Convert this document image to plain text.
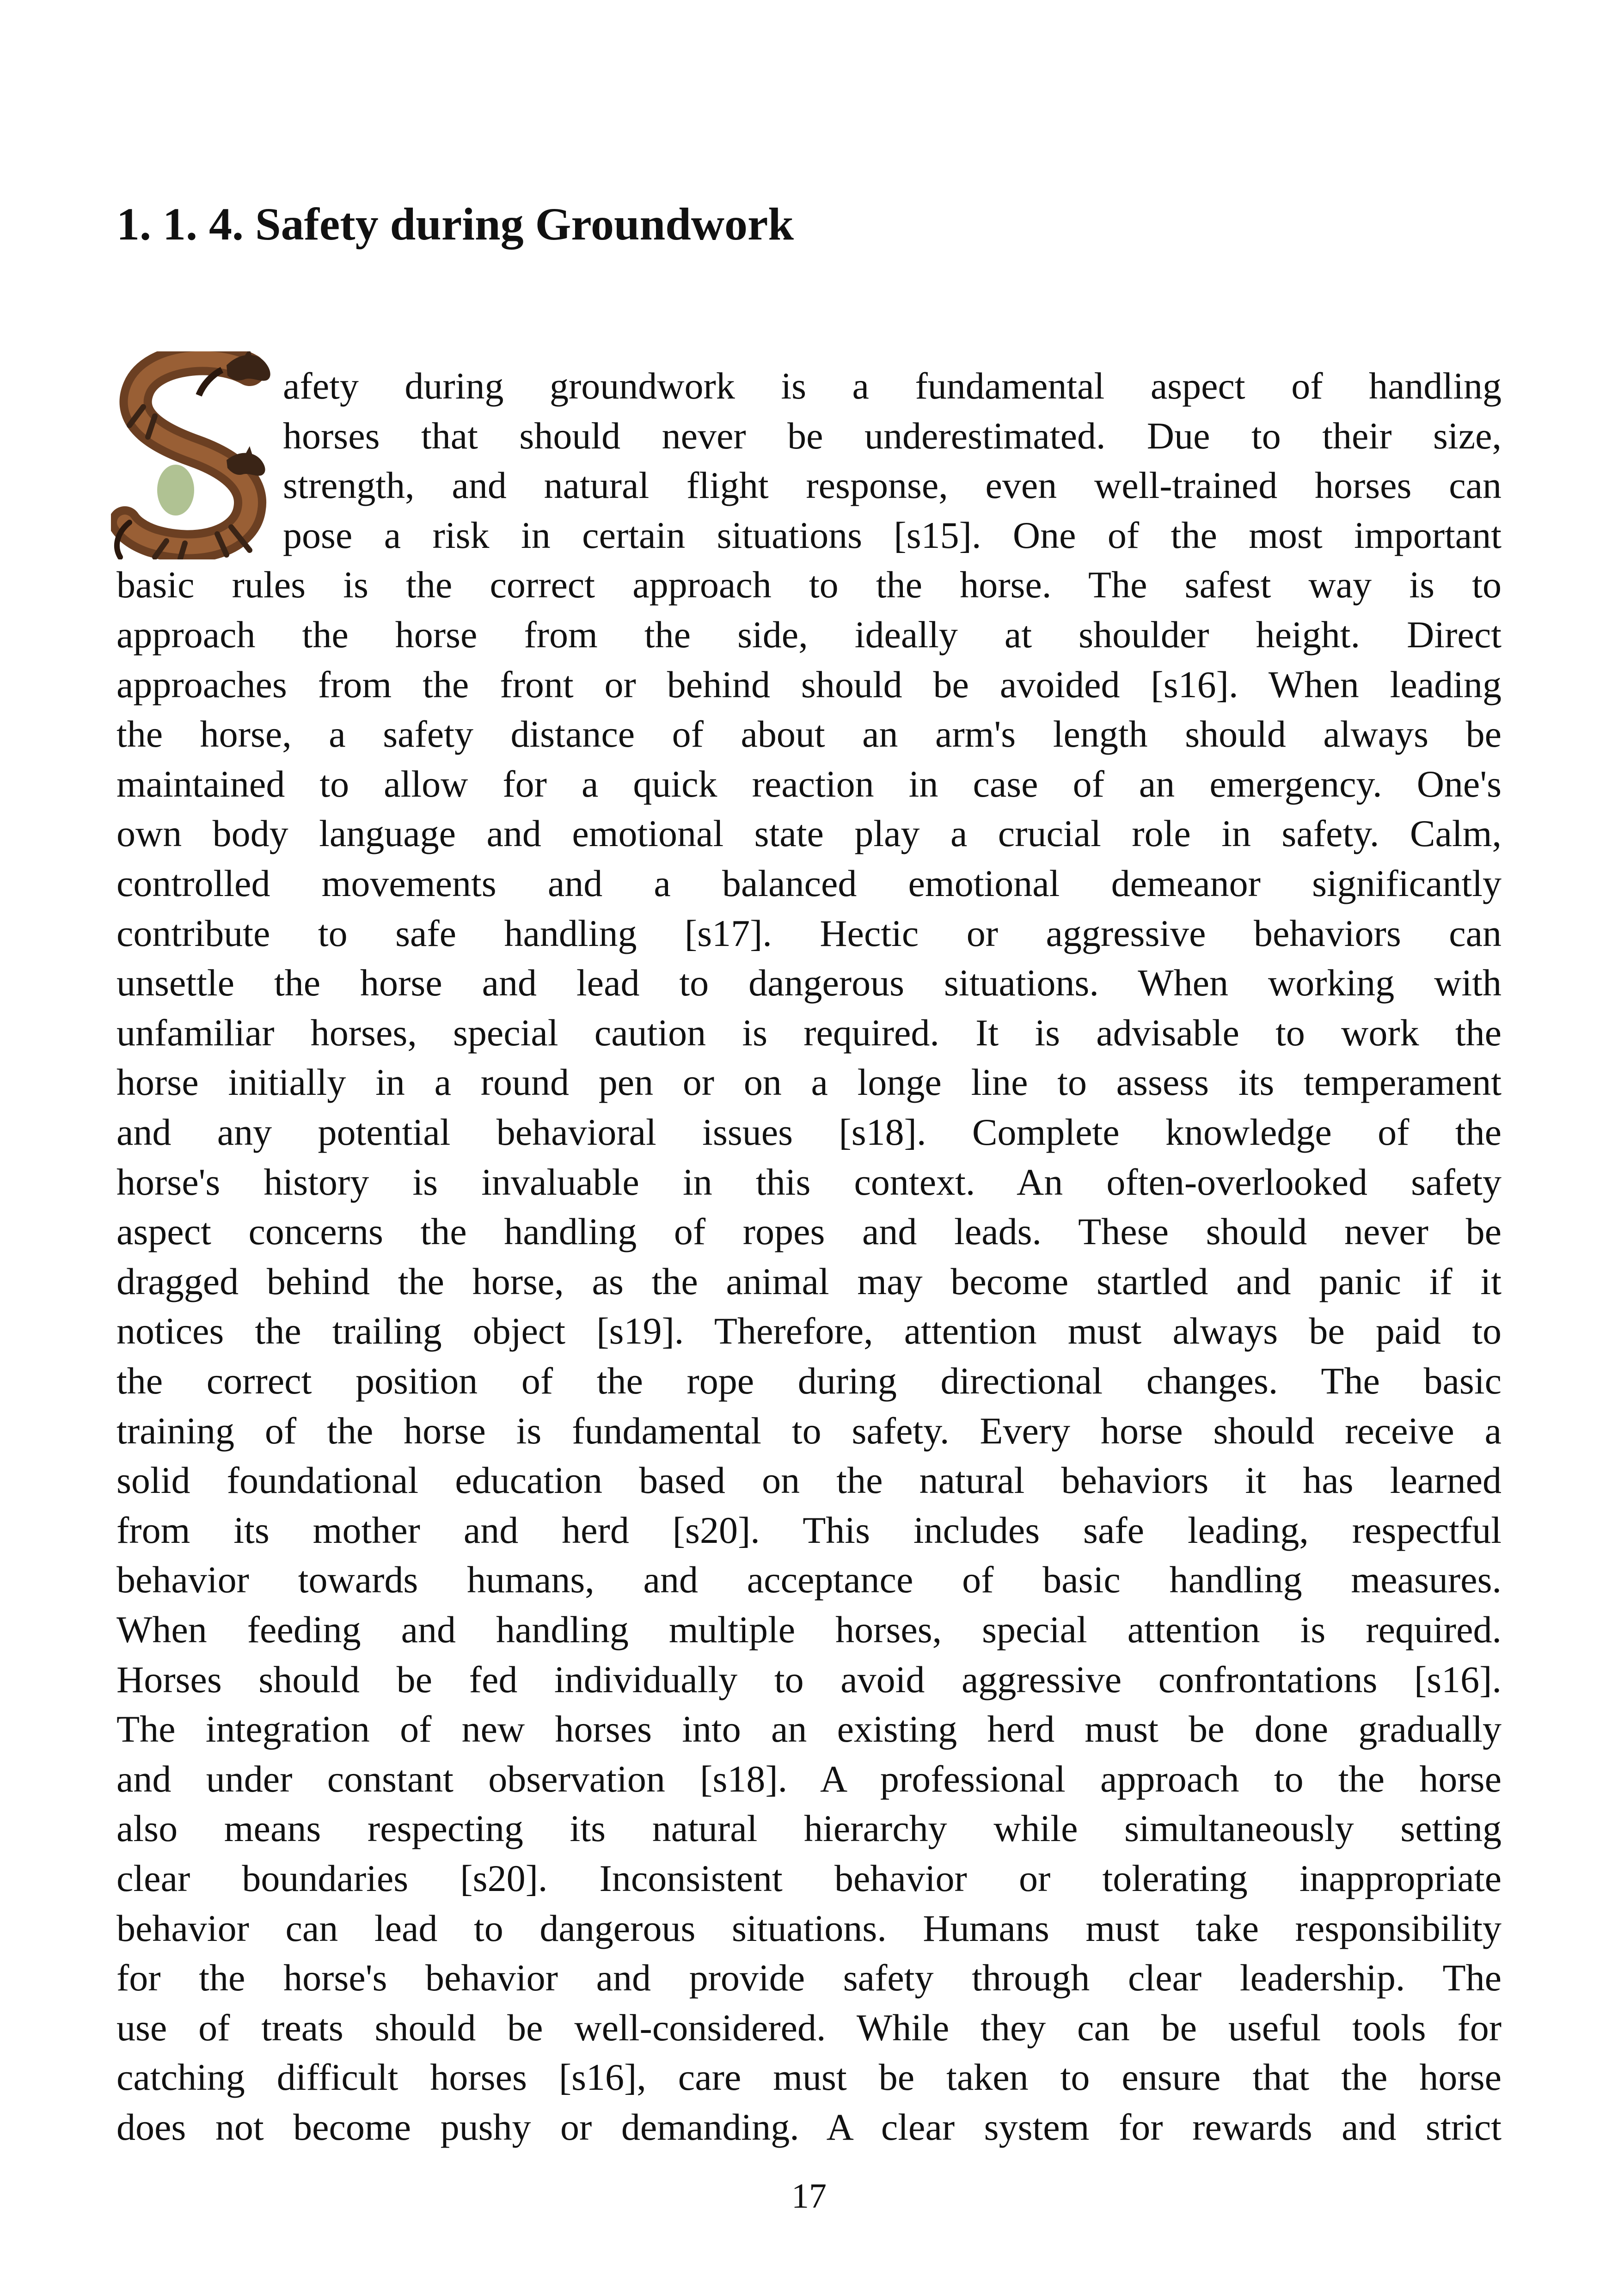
1. 1. 4. Safety during Groundwork

afety during groundwork is a fundamental aspect of handling

horses that should never be underestimated. Due to their size,

strength, and natural flight response, even well-trained horses can

pose a risk in certain situations [s15]. One of the most important

basic rules is the correct approach to the horse. The safest way is to

approach the horse from the side, ideally at shoulder height. Direct

approaches from the front or behind should be avoided [s16]. When leading

the horse, a safety distance of about an arm's length should always be

maintained to allow for a quick reaction in case of an emergency. One's

own body language and emotional state play a crucial role in safety. Calm,

controlled movements and a balanced emotional demeanor significantly

contribute to safe handling [s17]. Hectic or aggressive behaviors can

unsettle the horse and lead to dangerous situations. When working with

unfamiliar horses, special caution is required. It is advisable to work the

horse initially in a round pen or on a longe line to assess its temperament

and any potential behavioral issues [s18]. Complete knowledge of the

horse's history is invaluable in this context. An often-overlooked safety

aspect concerns the handling of ropes and leads. These should never be

dragged behind the horse, as the animal may become startled and panic if it

notices the trailing object [s19]. Therefore, attention must always be paid to

the correct position of the rope during directional changes. The basic

training of the horse is fundamental to safety. Every horse should receive a

solid foundational education based on the natural behaviors it has learned

from its mother and herd [s20]. This includes safe leading, respectful

behavior towards humans, and acceptance of basic handling measures.

When feeding and handling multiple horses, special attention is required.

Horses should be fed individually to avoid aggressive confrontations [s16].

The integration of new horses into an existing herd must be done gradually

and under constant observation [s18]. A professional approach to the horse

also means respecting its natural hierarchy while simultaneously setting

clear boundaries [s20]. Inconsistent behavior or tolerating inappropriate

behavior can lead to dangerous situations. Humans must take responsibility

for the horse's behavior and provide safety through clear leadership. The

use of treats should be well-considered. While they can be useful tools for

catching difficult horses [s16], care must be taken to ensure that the horse

does not become pushy or demanding. A clear system for rewards and strict

17
